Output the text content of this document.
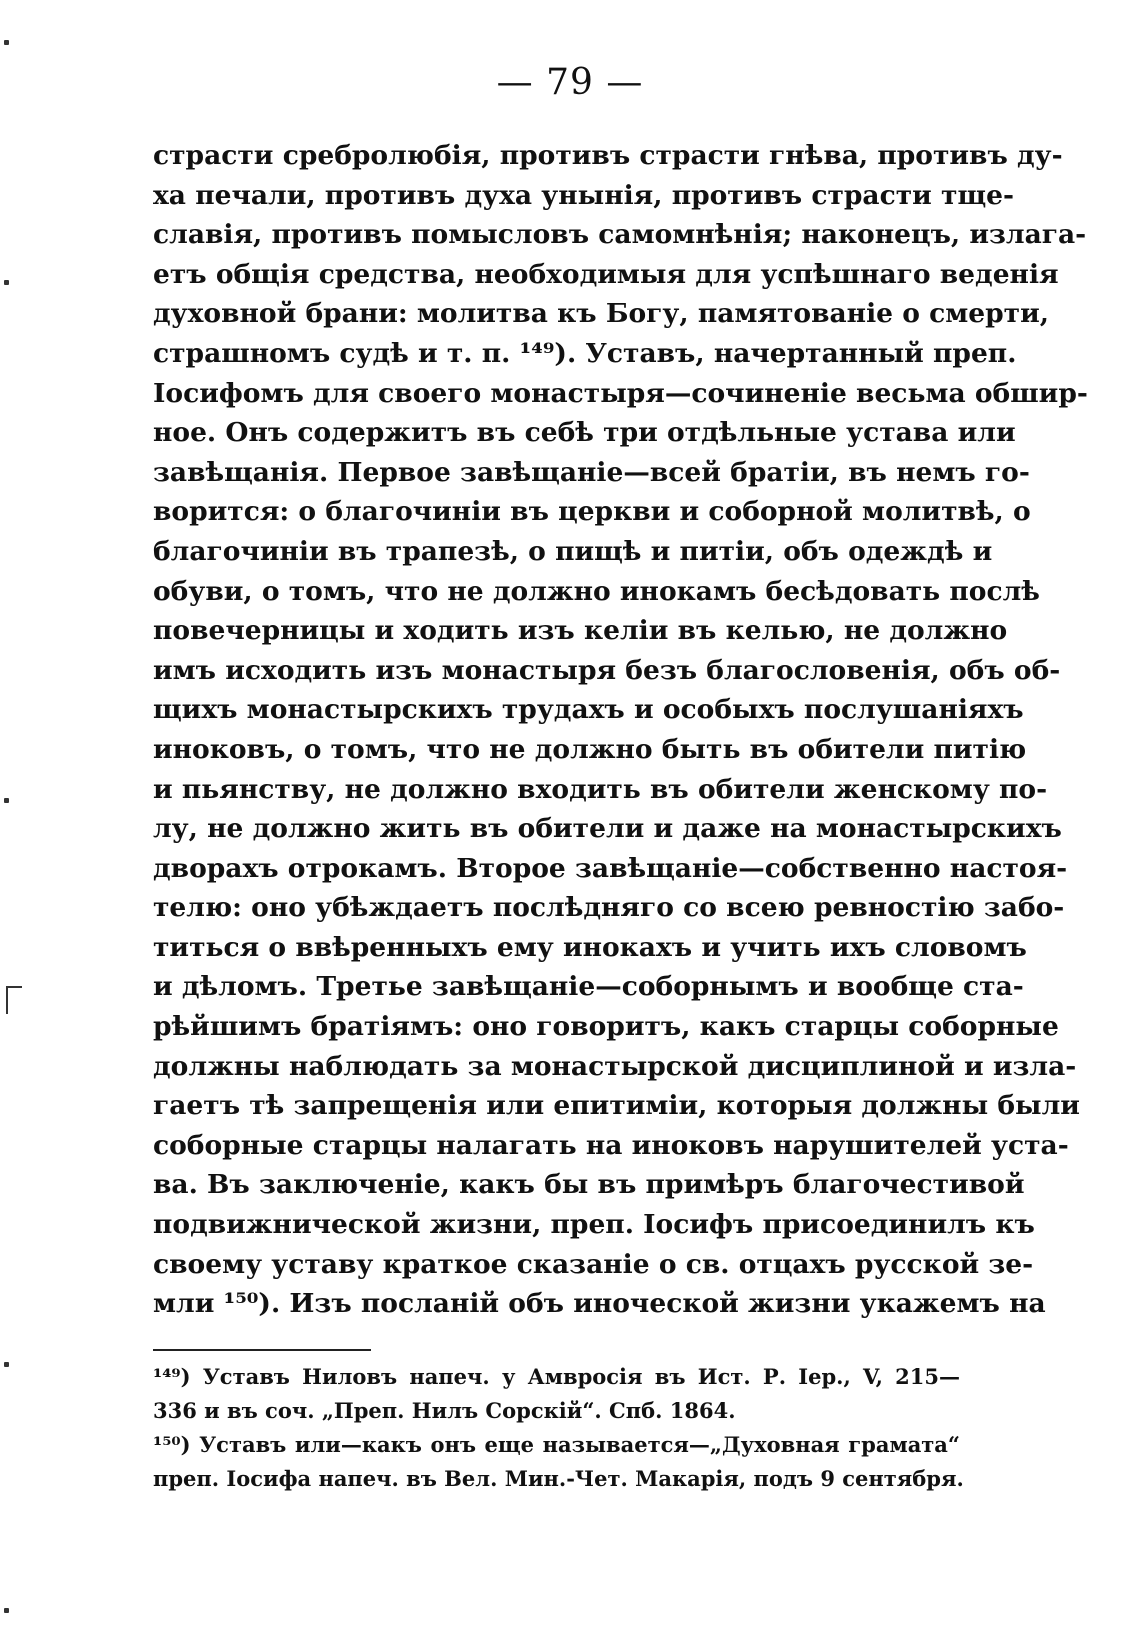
— 79 —
страсти сребролюбія, противъ страсти гнѣва, противъ ду-
ха печали, противъ духа унынія, противъ страсти тще-
славія, противъ помысловъ самомнѣнія; наконецъ, излага-
етъ общія средства, необходимыя для успѣшнаго веденія
духовной брани: молитва къ Богу, памятованіе о смерти,
страшномъ судѣ и т. п. ¹⁴⁹). Уставъ, начертанный преп.
Іосифомъ для своего монастыря—сочиненіе весьма обшир-
ное. Онъ содержитъ въ себѣ три отдѣльные устава или
завѣщанія. Первое завѣщаніе—всей братіи, въ немъ го-
ворится: о благочиніи въ церкви и соборной молитвѣ, о
благочиніи въ трапезѣ, о пищѣ и питіи, объ одеждѣ и
обуви, о томъ, что не должно инокамъ бесѣдовать послѣ
повечерницы и ходить изъ келіи въ келью, не должно
имъ исходить изъ монастыря безъ благословенія, объ об-
щихъ монастырскихъ трудахъ и особыхъ послушаніяхъ
иноковъ, о томъ, что не должно быть въ обители питію
и пьянству, не должно входить въ обители женскому по-
лу, не должно жить въ обители и даже на монастырскихъ
дворахъ отрокамъ. Второе завѣщаніе—собственно настоя-
телю: оно убѣждаетъ послѣдняго со всею ревностію забо-
титься о ввѣренныхъ ему инокахъ и учить ихъ словомъ
и дѣломъ. Третье завѣщаніе—соборнымъ и вообще ста-
рѣйшимъ братіямъ: оно говоритъ, какъ старцы соборные
должны наблюдать за монастырской дисциплиной и изла-
гаетъ тѣ запрещенія или епитиміи, которыя должны были
соборные старцы налагать на иноковъ нарушителей уста-
ва. Въ заключеніе, какъ бы въ примѣръ благочестивой
подвижнической жизни, преп. Іосифъ присоединилъ къ
своему уставу краткое сказаніе о св. отцахъ русской зе-
мли ¹⁵⁰). Изъ посланій объ иноческой жизни укажемъ на
¹⁴⁹) Уставъ Ниловъ напеч. у Амвросія въ Ист. Р. Іер., V, 215—
336 и въ соч. „Преп. Нилъ Сорскій“. Спб. 1864.
¹⁵⁰) Уставъ или—какъ онъ еще называется—„Духовная грамата“
преп. Іосифа напеч. въ Вел. Мин.-Чет. Макарія, подъ 9 сентября.
